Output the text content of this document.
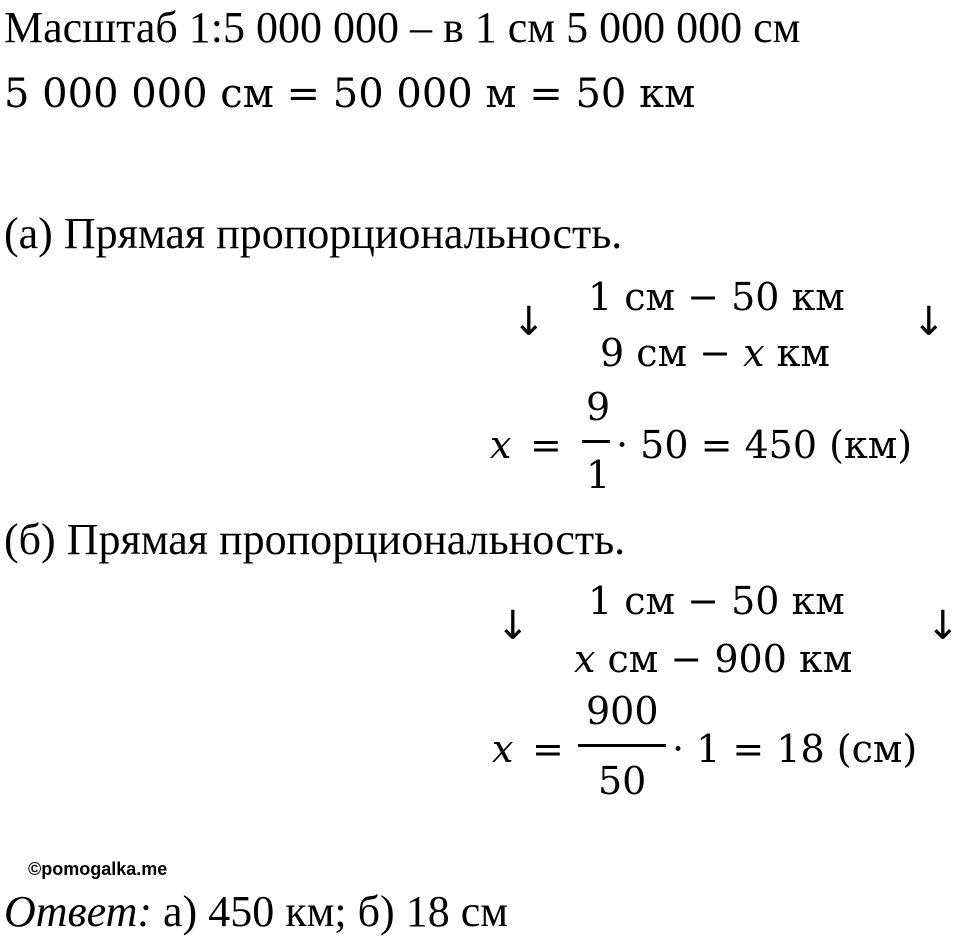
Масштаб 1:5 000 000 – в 1 см 5 000 000 см
5 000 000 см = 50 000 м = 50 км
(а) Прямая пропорциональность.
↓
1 см − 50 км
↓
9 см − x км
x =
9
1
· 50 = 450 (км)
(б) Прямая пропорциональность.
↓
1 см − 50 км
↓
x см − 900 км
x =
900
50
· 1 = 18 (см)
©pomogalka.me
Ответ: а) 450 км; б) 18 см
